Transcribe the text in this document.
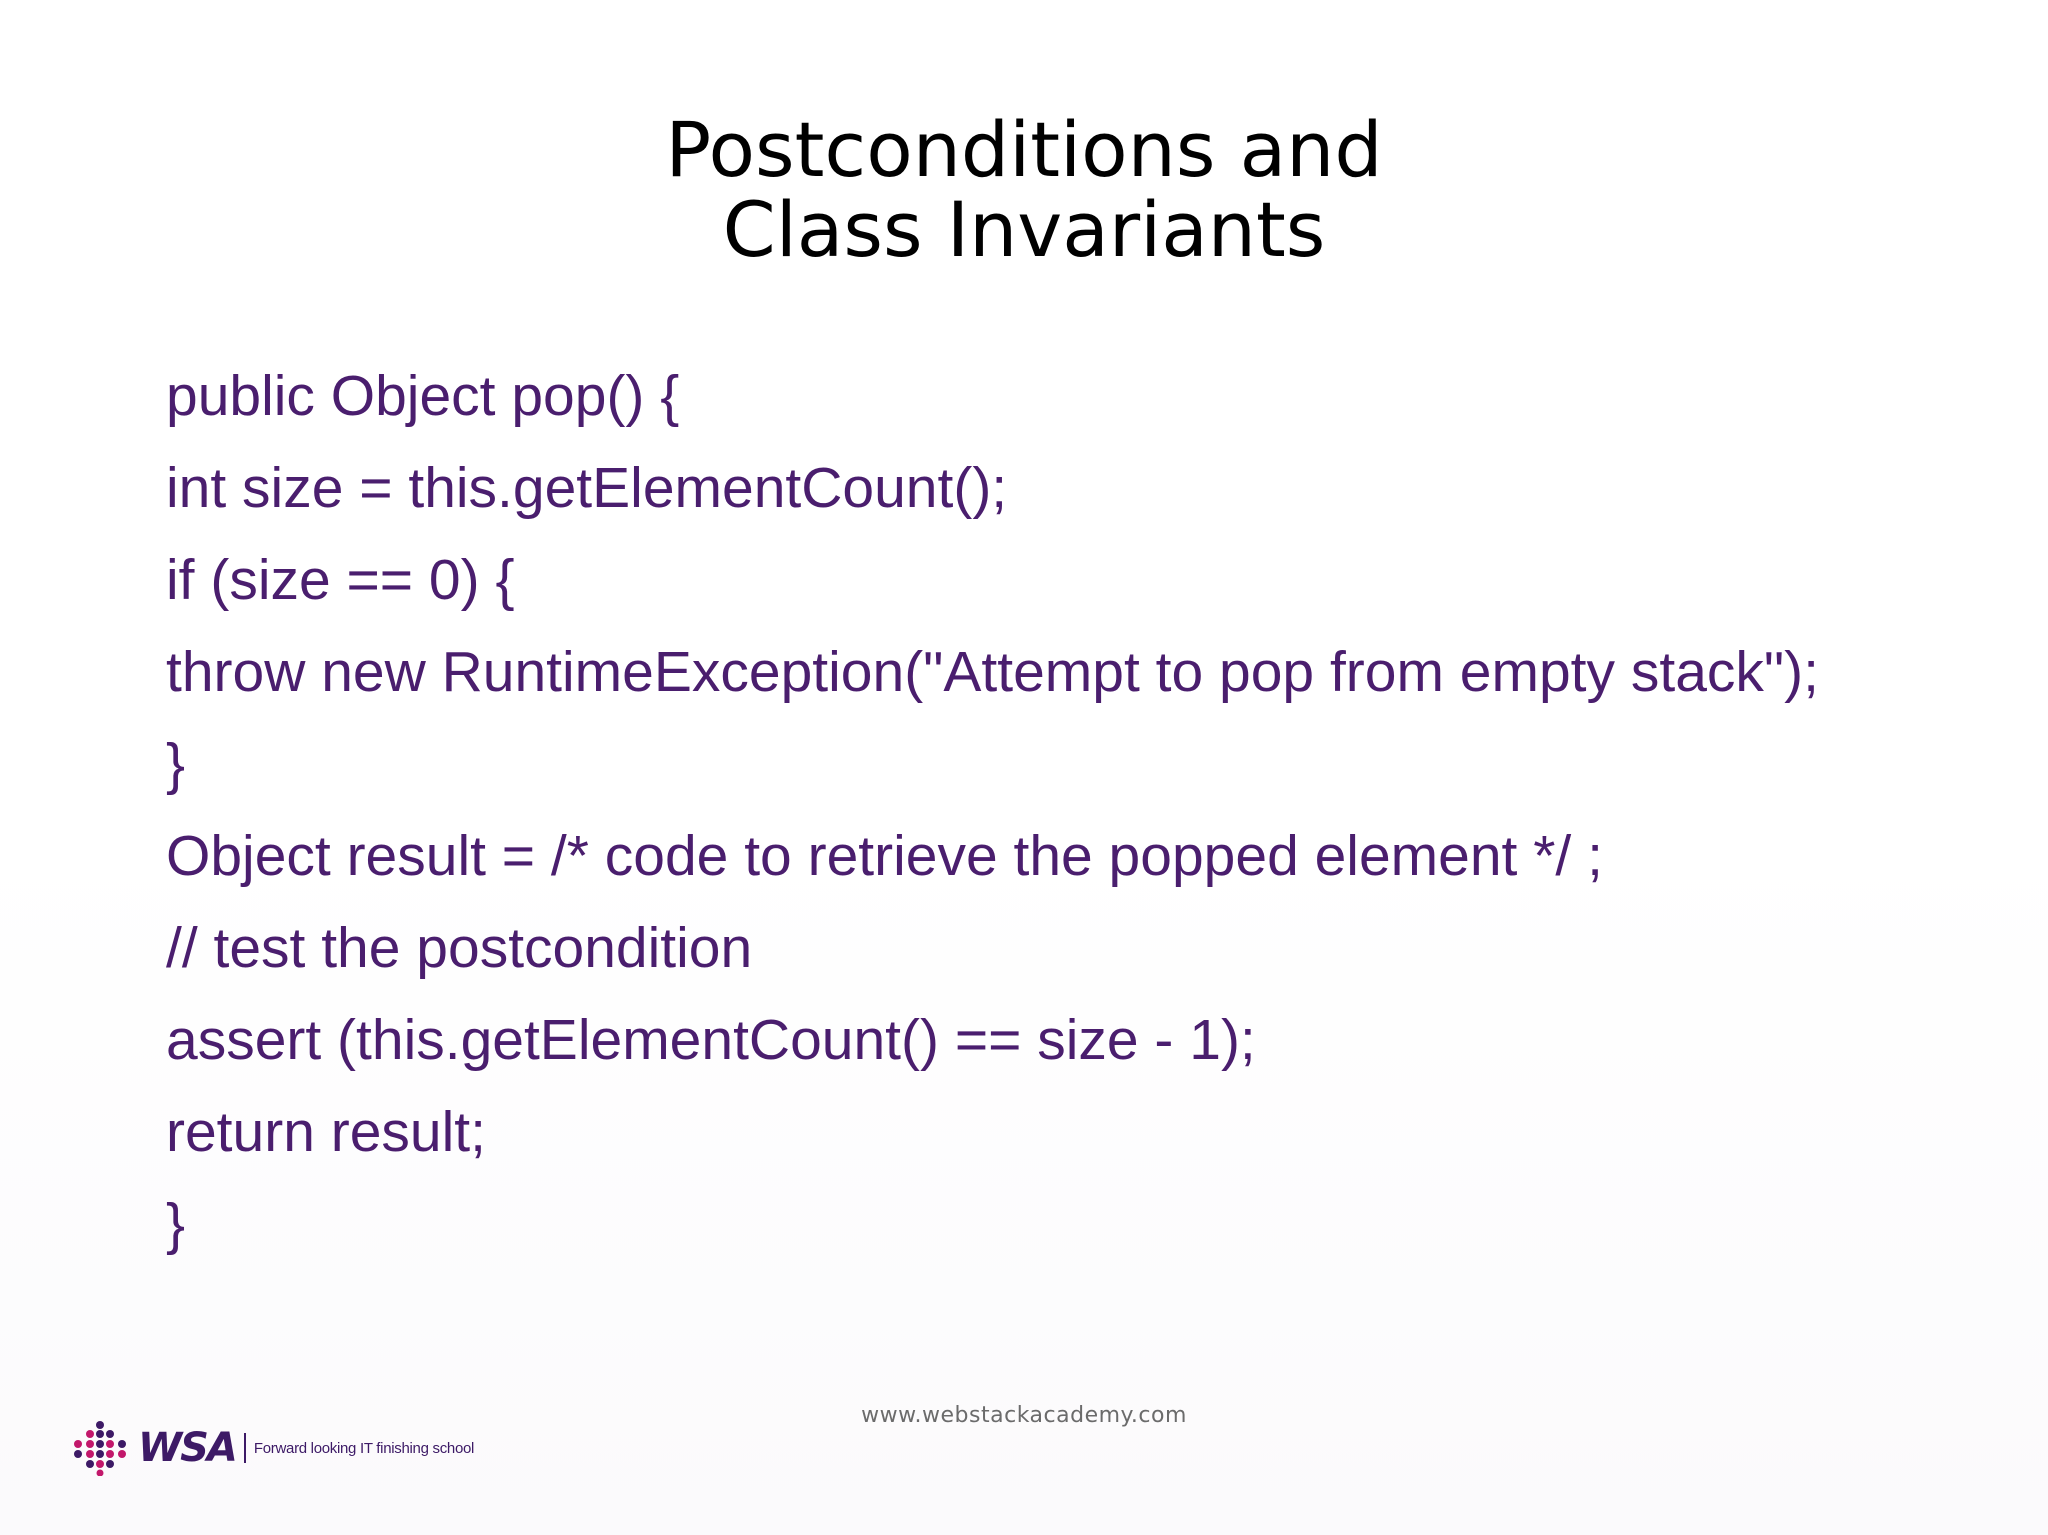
Postconditions and
Class Invariants
public Object pop() {
int size = this.getElementCount();
if (size == 0) {
throw new RuntimeException("Attempt to pop from empty stack");
}
Object result = /* code to retrieve the popped element */ ;
// test the postcondition
assert (this.getElementCount() == size - 1);
return result;
}
www.webstackacademy.com
WSA Forward looking IT finishing school
